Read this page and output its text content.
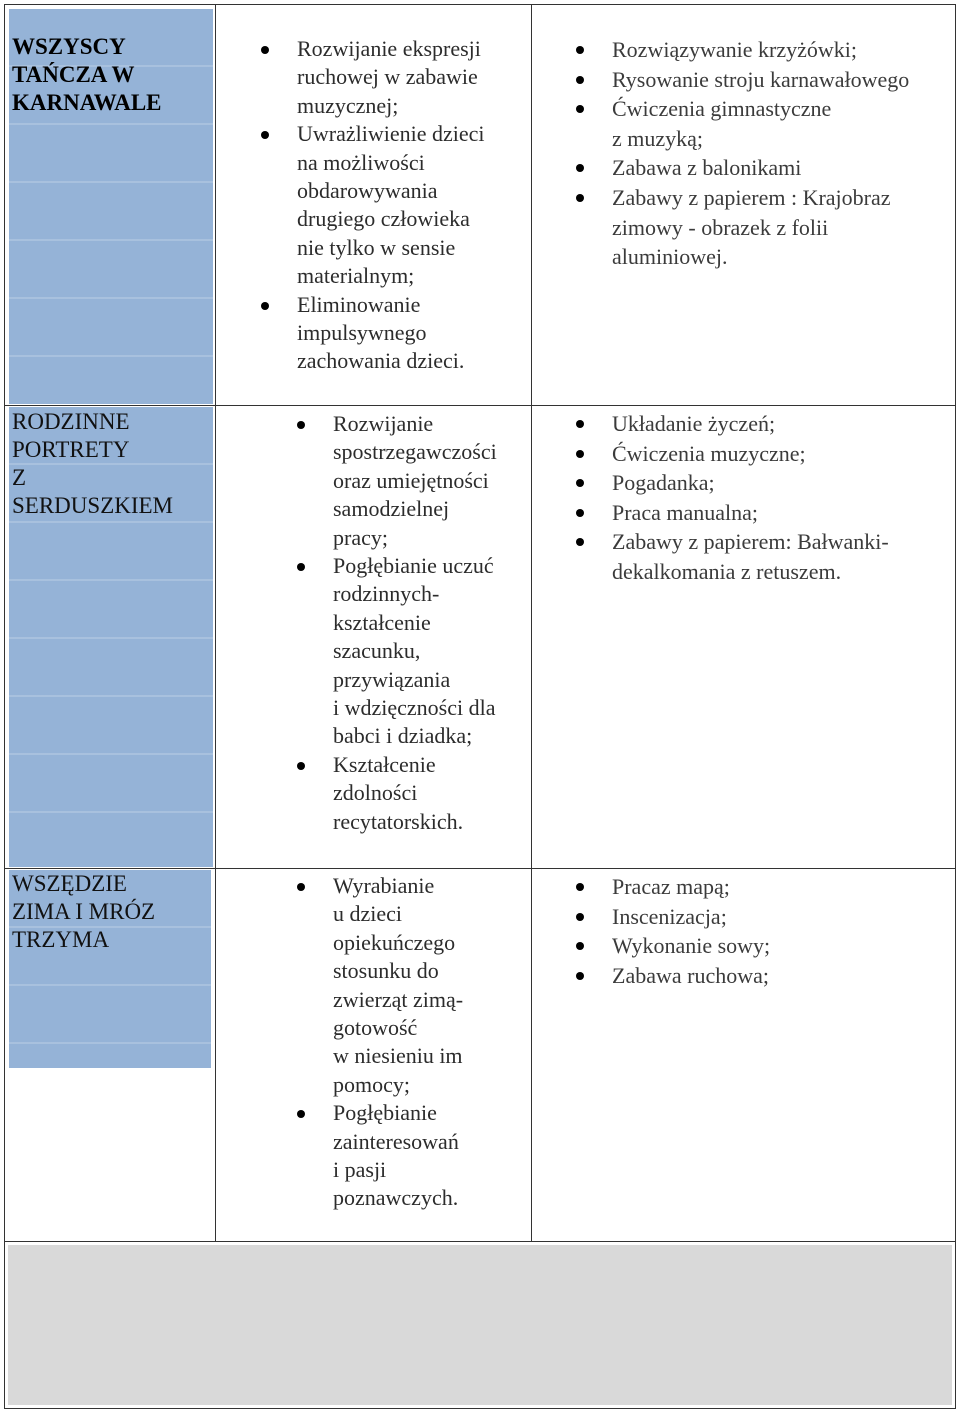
WSZYSCY
TAŃCZA W
KARNAWALE
Rozwijanie ekspresji
ruchowej w zabawie
muzycznej;
Uwrażliwienie dzieci
na możliwości
obdarowywania
drugiego człowieka
nie tylko w sensie
materialnym;
Eliminowanie
impulsywnego
zachowania dzieci.
Rozwiązywanie krzyżówki;
Rysowanie stroju karnawałowego
Ćwiczenia gimnastyczne
z muzyką;
Zabawa z balonikami
Zabawy z papierem : Krajobraz
zimowy - obrazek z folii
aluminiowej.
RODZINNE
PORTRETY
Z
SERDUSZKIEM
Rozwijanie
spostrzegawczości
oraz umiejętności
samodzielnej
pracy;
Pogłębianie uczuć
rodzinnych-
kształcenie
szacunku,
przywiązania
i wdzięczności dla
babci i dziadka;
Kształcenie
zdolności
recytatorskich.
Układanie życzeń;
Ćwiczenia muzyczne;
Pogadanka;
Praca manualna;
Zabawy z papierem: Bałwanki-
dekalkomania z retuszem.
WSZĘDZIE
ZIMA I MRÓZ
TRZYMA
Wyrabianie
u dzieci
opiekuńczego
stosunku do
zwierząt zimą-
gotowość
w niesieniu im
pomocy;
Pogłębianie
zainteresowań
i pasji
poznawczych.
Pracaz mapą;
Inscenizacja;
Wykonanie sowy;
Zabawa ruchowa;
